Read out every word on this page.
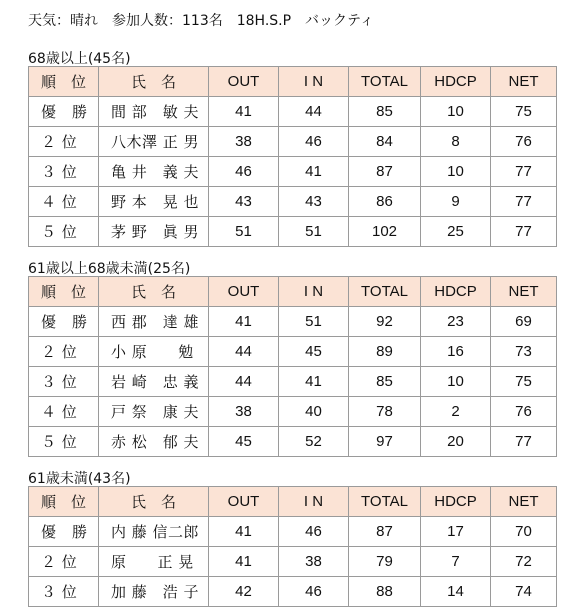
天気：晴れ　参加人数：113名　18H.S.P　バックティ
68歳以上(45名)
順　位	氏　名	OUT	I N	TOTAL	HDCP	NET

優　勝	間 部　敏 夫	41	44	85	10	75

２ 位	八木澤 正 男	38	46	84	8	76

３ 位	亀 井　義 夫	46	41	87	10	77

４ 位	野 本　晃 也	43	43	86	9	77

５ 位	茅 野　眞 男	51	51	102	25	77
61歳以上68歳未満(25名)
順　位	氏　名	OUT	I N	TOTAL	HDCP	NET

優　勝	西 郡　達 雄	41	51	92	23	69

２ 位	小 原　　勉	44	45	89	16	73

３ 位	岩 崎　忠 義	44	41	85	10	75

４ 位	戸 祭　康 夫	38	40	78	2	76

５ 位	赤 松　郁 夫	45	52	97	20	77
61歳未満(43名)
順　位	氏　名	OUT	I N	TOTAL	HDCP	NET

優　勝	内 藤 信二郎	41	46	87	17	70

２ 位	原　　正 晃	41	38	79	7	72

３ 位	加 藤　浩 子	42	46	88	14	74
